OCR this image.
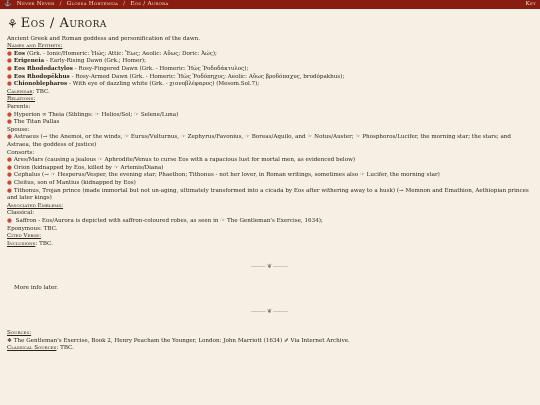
⚓ Never Never / Glossa Hortensia / Eos / Aurora	Key
⚘ Eos / Aurora
Ancient Greek and Roman goddess and personification of the dawn.
Names and Epithets:
● Eos (Grk. - Ionic/Homeric: Ἠώς; Attic: Ἕως; Aeolic: Αὔως; Doric: Ἀώς);
● Erigeneia - Early-Rising Dawn (Grk.; Homer);
● Eos Rhododactylos - Rosy-Fingered Dawn (Grk. - Homeric: Ἠὼς Ῥοδοδάκτυλος);
● Eos Rhodopēkhus - Rosy-Armed Dawn (Grk. - Homeric: Ἠὼς Ῥοδόπηχυς; Aeolic: Αὔως βροδόπαχυς, brodópakhus);
● Chionoblepharos - With eye of dazzling white (Grk. - χιονοβλέφαρος) (Mesom.Sol.7);
Calendar: TBC.
Relations:
Parents:
● Hyperion ∞ Theia (Siblings: ☞ Helios/Sol; ☞ Selene/Luna)
● The Titan Pallas
Spouse:
● Astraeus (→ the Anemoi, or the winds, ☞ Eurus/Vulturnus, ☞ Zephyrus/Favonius, ☞ Boreas/Aquilo, and ☞ Notus/Auster; ☞ Phosphoros/Lucifer, the morning star; the stars; and Astraea, the goddess of justice)
Consorts:
● Ares/Mars (causing a jealous ☞ Aphrodite/Venus to curse Eos with a rapacious lust for mortal men, as evidenced below)
● Orion (kidnapped by Eos, killed by ☞ Artemis/Diana)
● Cephalus (→ ☞ Hesperus/Vesper, the evening star; Phaethon; Tithonus - not her lover, in Roman writings, sometimes also ☞ Lucifer, the morning star)
● Cleitus, son of Mantius (kidnapped by Eos)
● Tithonus, Trojan prince (made immortal but not un-aging, ultimately transformed into a cicada by Eos after withering away to a husk) (→ Memnon and Emathion, Aethiopian princes and later kings)
Associated Emblems:
Classical:
● Saffron - Eos/Aurora is depicted with saffron-coloured robes, as seen in ☞ The Gentleman's Exercise, 1634);
Eponymous: TBC.
Cited Verse:
Inclusions: TBC.
⸻❦⸻
More info later.
⸻❦⸻
Sources:
❖ The Gentleman's Exercise, Book 2, Henry Peacham the Younger, London: John Marriott (1634) ⇗ Via Internet Archive.
Classical Sources: TBC.
